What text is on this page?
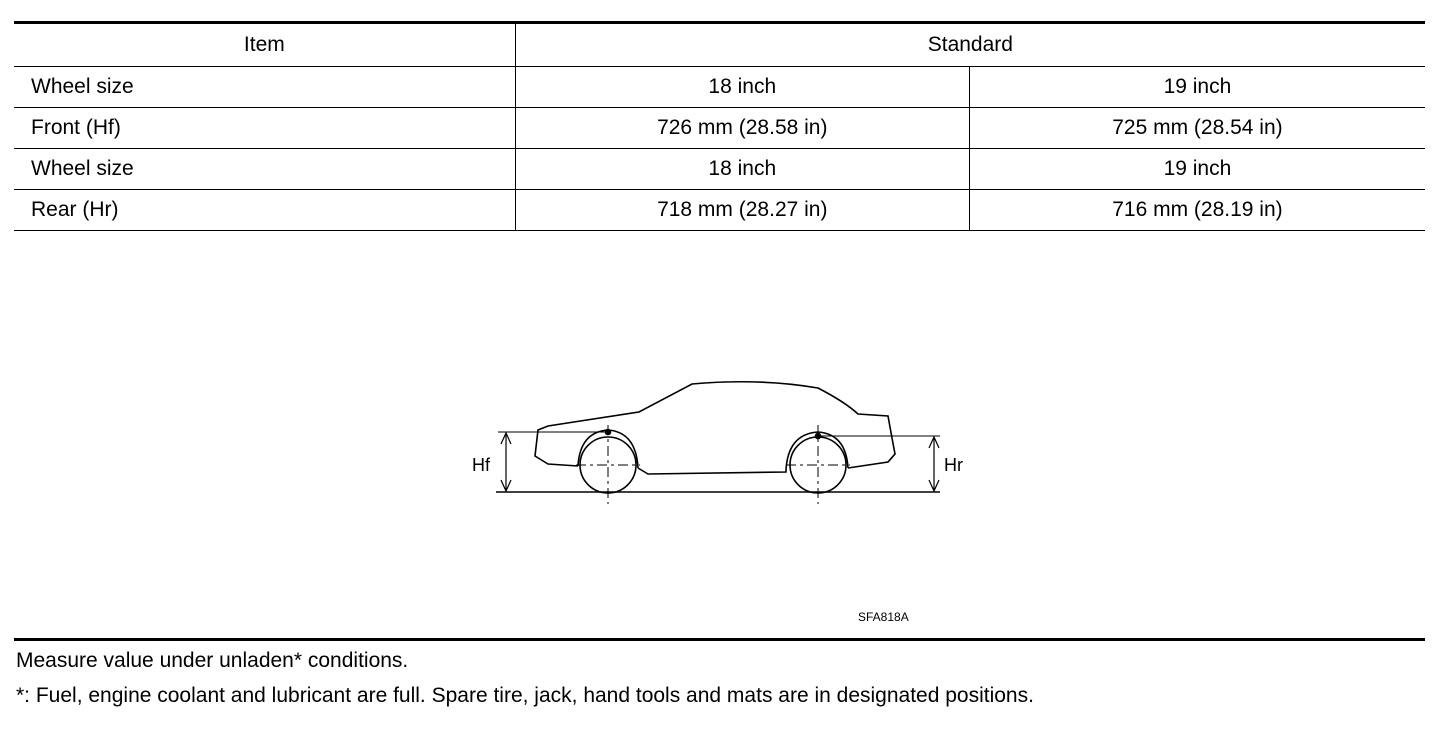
Item	Standard	
Wheel size	18 inch	19 inch
Front (Hf)	726 mm (28.58 in)	725 mm (28.54 in)
Wheel size	18 inch	19 inch
Rear (Hr)	718 mm (28.27 in)	716 mm (28.19 in)
Hf	Hr
SFA818A
Measure value under unladen* conditions.
*: Fuel, engine coolant and lubricant are full. Spare tire, jack, hand tools and mats are in designated positions.
